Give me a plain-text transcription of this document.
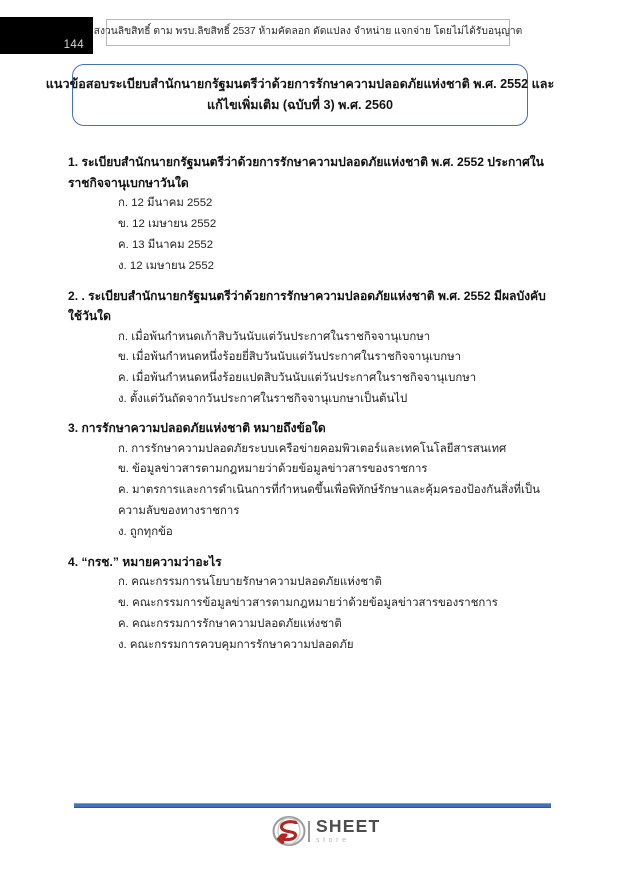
144
สงวนลิขสิทธิ์ ตาม พรบ.ลิขสิทธิ์ 2537 ห้ามคัดลอก ดัดแปลง จำหน่าย แจกจ่าย โดยไม่ได้รับอนุญาต
แนวข้อสอบระเบียบสำนักนายกรัฐมนตรีว่าด้วยการรักษาความปลอดภัยแห่งชาติ พ.ศ. 2552 และ
แก้ไขเพิ่มเติม (ฉบับที่ 3) พ.ศ. 2560

1. ระเบียบสำนักนายกรัฐมนตรีว่าด้วยการรักษาความปลอดภัยแห่งชาติ พ.ศ. 2552 ประกาศในราชกิจจานุเบกษาวันใด

ก. 12 มีนาคม 2552
ข. 12 เมษายน 2552
ค. 13 มีนาคม 2552
ง. 12 เมษายน 2552

2. . ระเบียบสำนักนายกรัฐมนตรีว่าด้วยการรักษาความปลอดภัยแห่งชาติ พ.ศ. 2552 มีผลบังคับใช้วันใด

ก. เมื่อพ้นกำหนดเก้าสิบวันนับแต่วันประกาศในราชกิจจานุเบกษา
ข. เมื่อพ้นกำหนดหนึ่งร้อยยี่สิบวันนับแต่วันประกาศในราชกิจจานุเบกษา
ค. เมื่อพ้นกำหนดหนึ่งร้อยแปดสิบวันนับแต่วันประกาศในราชกิจจานุเบกษา
ง. ตั้งแต่วันถัดจากวันประกาศในราชกิจจานุเบกษาเป็นต้นไป

3. การรักษาความปลอดภัยแห่งชาติ หมายถึงข้อใด

ก. การรักษาความปลอดภัยระบบเครือข่ายคอมพิวเตอร์และเทคโนโลยีสารสนเทศ
ข. ข้อมูลข่าวสารตามกฎหมายว่าด้วยข้อมูลข่าวสารของราชการ
ค. มาตรการและการดำเนินการที่กำหนดขึ้นเพื่อพิทักษ์รักษาและคุ้มครองป้องกันสิ่งที่เป็น ความลับของทางราชการ
ง. ถูกทุกข้อ

4. “กรช.” หมายความว่าอะไร

ก. คณะกรรมการนโยบายรักษาความปลอดภัยแห่งชาติ
ข. คณะกรรมการข้อมูลข่าวสารตามกฎหมายว่าด้วยข้อมูลข่าวสารของราชการ
ค. คณะกรรมการรักษาความปลอดภัยแห่งชาติ
ง. คณะกรรมการควบคุมการรักษาความปลอดภัย
SHEET
store
